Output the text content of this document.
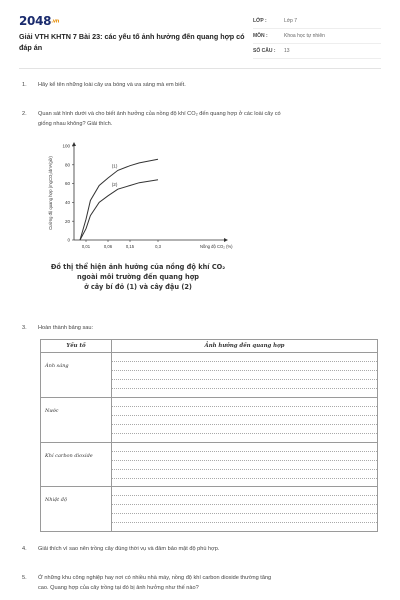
2048.vn
Giải VTH KHTN 7 Bài 23: các yếu tố ảnh hưởng đến quang hợp có đáp án
LỚP :	Lớp 7
MÔN :	Khoa học tự nhiên
SỐ CÂU :	13
1. Hãy kể tên những loài cây ưa bóng và ưa sáng mà em biết.
2. Quan sát hình dưới và cho biết ảnh hưởng của nồng độ khí CO₂ đến quang hợp ở các loài cây có
giống nhau không? Giải thích.
0
20
40
60
80
100
0,01	0,06	0,15	0,3	Nồng độ CO₂ (%)
Cường độ quang hợp (mgCO₂/dm²/giờ)	(1)
(2)
Đồ thị thể hiện ảnh hưởng của nồng độ khí CO₂
ngoài môi trường đến quang hợp
ở cây bí đỏ (1) và cây đậu (2)
3. Hoàn thành bảng sau:
Yếu tố	Ảnh hưởng đến quang hợp
Ánh sáng	

Nước	

Khí carbon dioxide	

Nhiệt độ	
4. Giải thích vì sao nên trồng cây đúng thời vụ và đảm bảo mật độ phù hợp.
5. Ở những khu công nghiệp hay nơi có nhiều nhà máy, nồng độ khí carbon dioxide thường tăng
cao. Quang hợp của cây trồng tại đó bị ảnh hưởng như thế nào?
